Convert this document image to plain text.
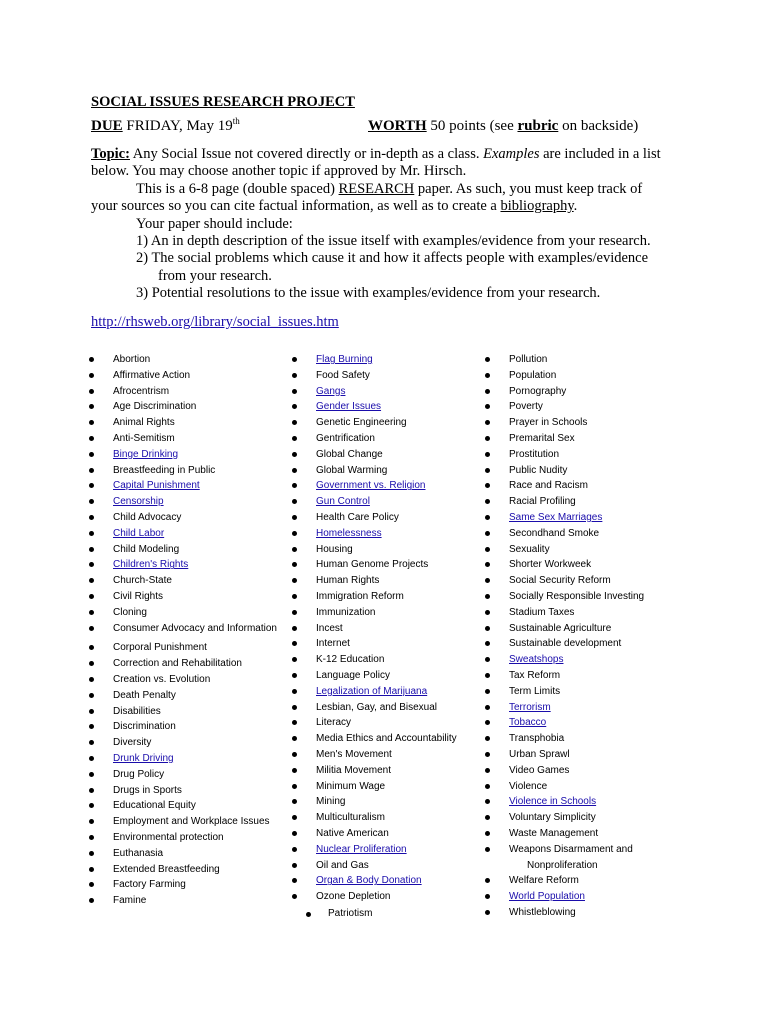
SOCIAL ISSUES RESEARCH PROJECT
DUE FRIDAY, May 19th	WORTH 50 points (see rubric on backside)

Topic: Any Social Issue not covered directly or in-depth as a class. Examples are included in a list below. You may choose another topic if approved by Mr. Hirsch.

This is a 6-8 page (double spaced) RESEARCH paper. As such, you must keep track of your sources so you can cite factual information, as well as to create a bibliography.

Your paper should include:

1) An in depth description of the issue itself with examples/evidence from your research.

2) The social problems which cause it and how it affects people with examples/evidence

from your research.

3) Potential resolutions to the issue with examples/evidence from your research.

http://rhsweb.org/library/social_issues.htm
Abortion
Affirmative Action
Afrocentrism
Age Discrimination
Animal Rights
Anti-Semitism
Binge Drinking
Breastfeeding in Public
Capital Punishment
Censorship
Child Advocacy
Child Labor
Child Modeling
Children's Rights
Church-State
Civil Rights
Cloning
Consumer Advocacy and Information
Corporal Punishment
Correction and Rehabilitation
Creation vs. Evolution
Death Penalty
Disabilities
Discrimination
Diversity
Drunk Driving
Drug Policy
Drugs in Sports
Educational Equity
Employment and Workplace Issues
Environmental protection
Euthanasia
Extended Breastfeeding
Factory Farming
Famine
Flag Burning
Food Safety
Gangs
Gender Issues
Genetic Engineering
Gentrification
Global Change
Global Warming
Government vs. Religion
Gun Control
Health Care Policy
Homelessness
Housing
Human Genome Projects
Human Rights
Immigration Reform
Immunization
Incest
Internet
K-12 Education
Language Policy
Legalization of Marijuana
Lesbian, Gay, and Bisexual
Literacy
Media Ethics and Accountability
Men's Movement
Militia Movement
Minimum Wage
Mining
Multiculturalism
Native American
Nuclear Proliferation
Oil and Gas
Organ & Body Donation
Ozone Depletion
Pollution
Population
Pornography
Poverty
Prayer in Schools
Premarital Sex
Prostitution
Public Nudity
Race and Racism
Racial Profiling
Same Sex Marriages
Secondhand Smoke
Sexuality
Shorter Workweek
Social Security Reform
Socially Responsible Investing
Stadium Taxes
Sustainable Agriculture
Sustainable development
Sweatshops
Tax Reform
Term Limits
Terrorism
Tobacco
Transphobia
Urban Sprawl
Video Games
Violence
Violence in Schools
Voluntary Simplicity
Waste Management
Weapons Disarmament and
Nonproliferation
Welfare Reform
World Population
Whistleblowing
Patriotism
